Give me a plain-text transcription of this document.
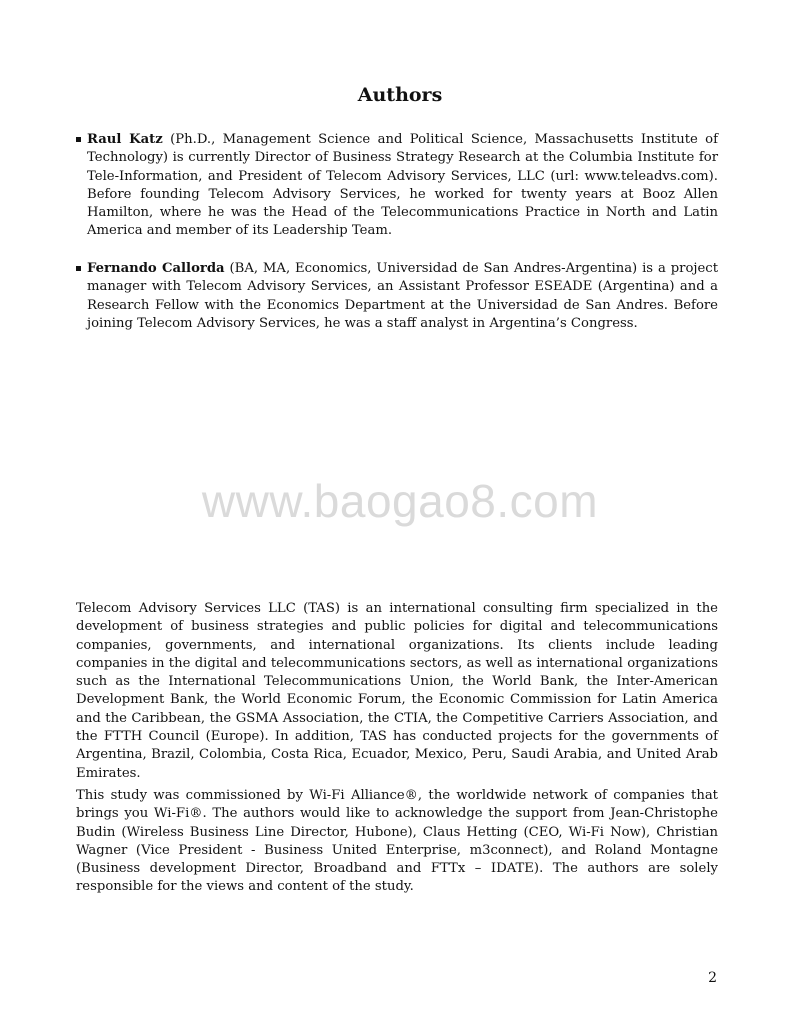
Authors
Raul Katz (Ph.D., Management Science and Political Science, Massachusetts Institute of Technology) is currently Director of Business Strategy Research at the Columbia Institute for Tele-Information, and President of Telecom Advisory Services, LLC (url: www.teleadvs.com). Before founding Telecom Advisory Services, he worked for twenty years at Booz Allen Hamilton, where he was the Head of the Telecommunications Practice in North and Latin America and member of its Leadership Team.
Fernando Callorda (BA, MA, Economics, Universidad de San Andres-Argentina) is a project manager with Telecom Advisory Services, an Assistant Professor ESEADE (Argentina) and a Research Fellow with the Economics Department at the Universidad de San Andres. Before joining Telecom Advisory Services, he was a staff analyst in Argentina’s Congress.
www.baogao8.com

Telecom Advisory Services LLC (TAS) is an international consulting firm specialized in the development of business strategies and public policies for digital and telecommunications companies, governments, and international organizations. Its clients include leading companies in the digital and telecommunications sectors, as well as international organizations such as the International Telecommunications Union, the World Bank, the Inter-American Development Bank, the World Economic Forum, the Economic Commission for Latin America and the Caribbean, the GSMA Association, the CTIA, the Competitive Carriers Association, and the FTTH Council (Europe). In addition, TAS has conducted projects for the governments of Argentina, Brazil, Colombia, Costa Rica, Ecuador, Mexico, Peru, Saudi Arabia, and United Arab Emirates.

This study was commissioned by Wi-Fi Alliance®, the worldwide network of companies that brings you Wi-Fi®. The authors would like to acknowledge the support from Jean-Christophe Budin (Wireless Business Line Director, Hubone), Claus Hetting (CEO, Wi-Fi Now), Christian Wagner (Vice President - Business United Enterprise, m3connect), and Roland Montagne (Business development Director, Broadband and FTTx – IDATE). The authors are solely responsible for the views and content of the study.

2
